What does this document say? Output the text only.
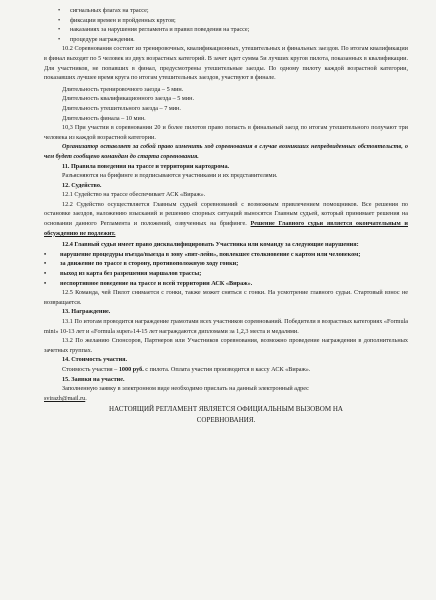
• сигнальных флагах на трассе;

• фиксации времен и пройденных кругов;

• наказаниях за нарушения регламента и правил поведения на трассе;

• процедуре награждения.

10.2 Соревнования состоит из тренировочных, квалификационных, утешительных и финальных заездов. По итогам квалификации в финал выходят по 5 человек из двух возрастных категорий. В зачет идет сумма 5и лучших кругов пилота, показанных в квалификации. Для участников, не попавших в финал, предусмотрены утешительные заезды. По одному пилоту каждой возрастной категории, показавших лучшее время круга по итогам утешительных заездов, участвуют в финале.

Длительность тренировочного заезда – 5 мин.

Длительность квалификационного заезда – 5 мин.

Длительность утешительного заезда – 7 мин.

Длительность финала – 10 мин.

10,3 При участии в соревновании 20 и более пилотов право попасть в финальный заезд по итогам утешительного получают три человека из каждой возрастной категории.

Организатор оставляет за собой право изменить ход соревнования в случае возникших непредвиденных обстоятельств, о чем будет сообщено командам до старта соревнования.

11. Правила поведения на трассе и территории картодрома.

Разъясняются на брифинге и подписываются участниками и их представителями.

12. Судейство.

12.1 Судейство на трассе обеспечивает АСК «Вираж».

12.2 Судейство осуществляется Главным судьей соревнований с возможным привлечением помощников. Все решения по остановке заездов, наложению взысканий и решению спорных ситуаций выносятся Главным судьей, который принимает решения на основании данного Регламента и положений, озвученных на брифинге. Решение Главного судьи является окончательным и обсуждению не подлежит.

12.4 Главный судья имеет право дисквалифицировать Участника или команду за следующие нарушения:

• нарушение процедуры въезда/выезда в зону «пит-лейн», повлекшее столкновение с картом или человеком;

• за движение по трассе в сторону, противоположную ходу гонки;

• выход из карта без разрешения маршалов трассы;

• неспортивное поведение на трассе и всей территории АСК «Вираж».

12.5 Команда, чей Пилот снимается с гонки, также может сняться с гонки. На усмотрение главного судьи. Стартовый взнос не возвращается.

13. Награждение.

13.1 По итогам проводится награждение грамотами всех участников соревнований. Победители в возрастных категориях «Formula mini» 10-13 лет и «Formula super»14-15 лет награждаются дипломами за 1,2,3 места и медалями.

13.2 По желанию Спонсоров, Партнеров или Участников соревнования, возможно проведение награждения в дополнительных зачетных группах.

14. Стоимость участия.

Стоимость участия – 1000 руб. с пилота. Оплата участия производится в кассу АСК «Вираж».

15. Заявки на участие.

Заполненную заявку в электронном виде необходимо прислать на данный электронный адрес

svirazh@mail.ru.

НАСТОЯЩИЙ РЕГЛАМЕНТ ЯВЛЯЕТСЯ ОФИЦИАЛЬНЫМ ВЫЗОВОМ НА

СОРЕВНОВАНИЯ.
